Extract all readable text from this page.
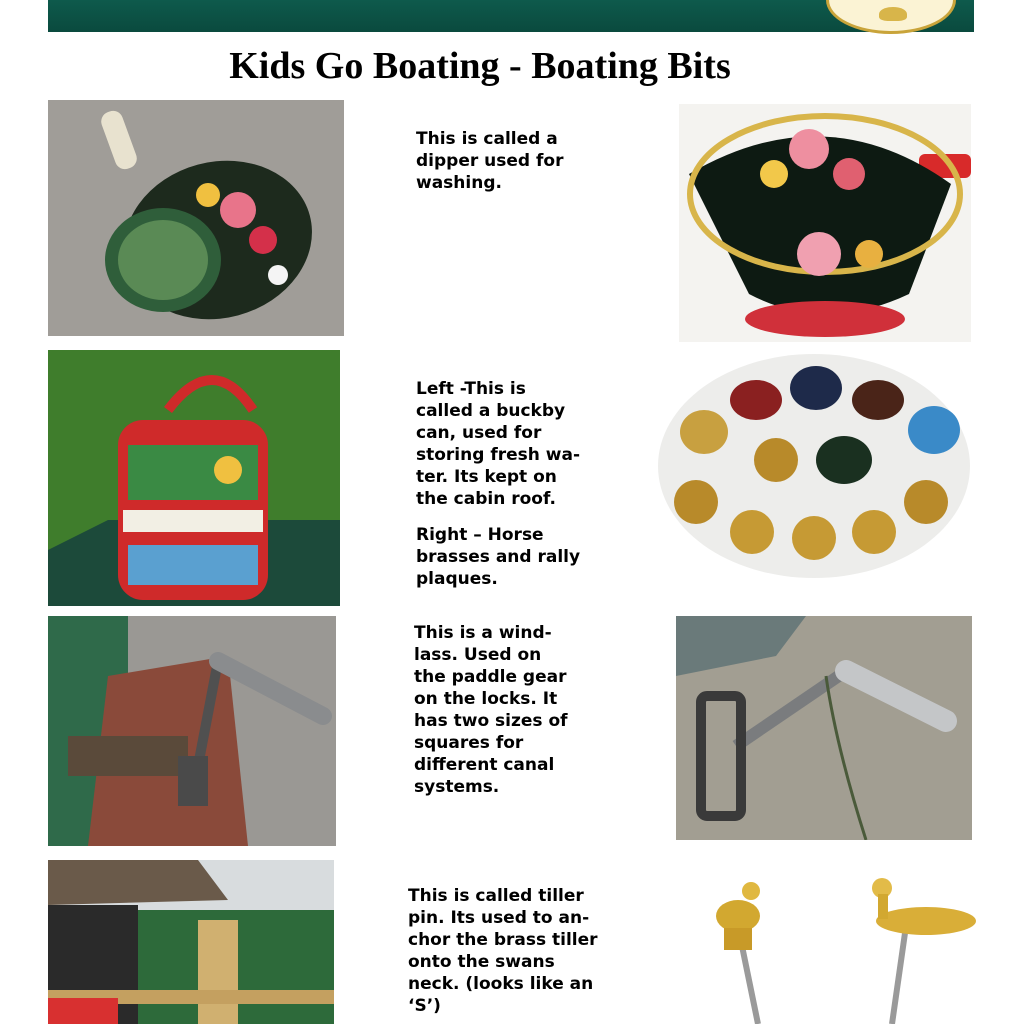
Kids Go Boating - Boating Bits
This is called a
dipper used for
washing.

Left -This is
called a buckby
can, used for
storing fresh wa-
ter. Its kept on
the cabin roof.

Right – Horse
brasses and rally
plaques.

This is a wind-
lass. Used on
the paddle gear
on the locks. It
has two sizes of
squares for
different canal
systems.
This is called tiller
pin. Its used to an-
chor the brass tiller
onto the swans
neck. (looks like an
‘S’)
